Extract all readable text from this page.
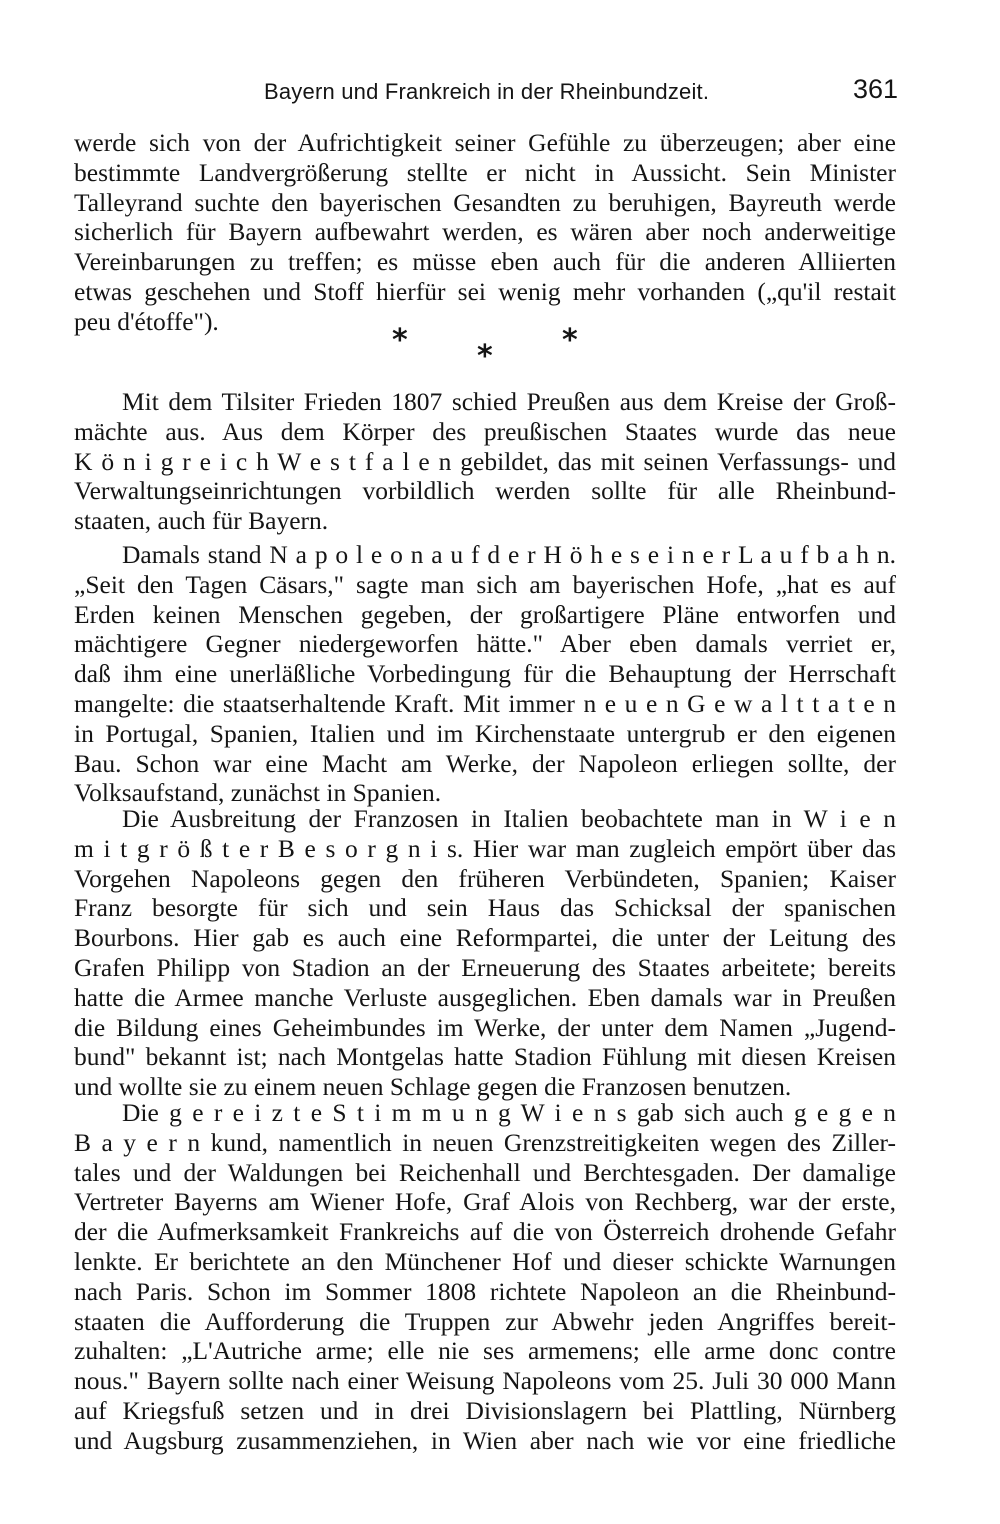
Bayern und Frankreich in der Rheinbundzeit.	361
werde sich von der Aufrichtigkeit seiner Gefühle zu überzeugen; aber eine
bestimmte Landvergrößerung stellte er nicht in Aussicht. Sein Minister
Talleyrand suchte den bayerischen Gesandten zu beruhigen, Bayreuth werde
sicherlich für Bayern aufbewahrt werden, es wären aber noch anderweitige
Vereinbarungen zu treffen; es müsse eben auch für die anderen Alliierten
etwas geschehen und Stoff hierfür sei wenig mehr vorhanden („qu'il restait
peu d'étoffe").
*	*
*
Mit dem Tilsiter Frieden 1807 schied Preußen aus dem Kreise der Groß-
mächte aus. Aus dem Körper des preußischen Staates wurde das neue
K ö n i g r e i c h W e s t f a l e n gebildet, das mit seinen Verfassungs- und
Verwaltungseinrichtungen vorbildlich werden sollte für alle Rheinbund-
staaten, auch für Bayern.
Damals stand N a p o l e o n a u f d e r H ö h e s e i n e r L a u f b a h n.
„Seit den Tagen Cäsars," sagte man sich am bayerischen Hofe, „hat es auf
Erden keinen Menschen gegeben, der großartigere Pläne entworfen und
mächtigere Gegner niedergeworfen hätte." Aber eben damals verriet er,
daß ihm eine unerläßliche Vorbedingung für die Behauptung der Herrschaft
mangelte: die staatserhaltende Kraft. Mit immer n e u e n G e w a l t t a t e n
in Portugal, Spanien, Italien und im Kirchenstaate untergrub er den eigenen
Bau. Schon war eine Macht am Werke, der Napoleon erliegen sollte, der
Volksaufstand, zunächst in Spanien.
Die Ausbreitung der Franzosen in Italien beobachtete man in W i e n
m i t g r ö ß t e r B e s o r g n i s. Hier war man zugleich empört über das
Vorgehen Napoleons gegen den früheren Verbündeten, Spanien; Kaiser
Franz besorgte für sich und sein Haus das Schicksal der spanischen
Bourbons. Hier gab es auch eine Reformpartei, die unter der Leitung des
Grafen Philipp von Stadion an der Erneuerung des Staates arbeitete; bereits
hatte die Armee manche Verluste ausgeglichen. Eben damals war in Preußen
die Bildung eines Geheimbundes im Werke, der unter dem Namen „Jugend-
bund" bekannt ist; nach Montgelas hatte Stadion Fühlung mit diesen Kreisen
und wollte sie zu einem neuen Schlage gegen die Franzosen benutzen.
Die g e r e i z t e S t i m m u n g W i e n s gab sich auch g e g e n
B a y e r n kund, namentlich in neuen Grenzstreitigkeiten wegen des Ziller-
tales und der Waldungen bei Reichenhall und Berchtesgaden. Der damalige
Vertreter Bayerns am Wiener Hofe, Graf Alois von Rechberg, war der erste,
der die Aufmerksamkeit Frankreichs auf die von Österreich drohende Gefahr
lenkte. Er berichtete an den Münchener Hof und dieser schickte Warnungen
nach Paris. Schon im Sommer 1808 richtete Napoleon an die Rheinbund-
staaten die Aufforderung die Truppen zur Abwehr jeden Angriffes bereit-
zuhalten: „L'Autriche arme; elle nie ses armemens; elle arme donc contre
nous." Bayern sollte nach einer Weisung Napoleons vom 25. Juli 30 000 Mann
auf Kriegsfuß setzen und in drei Divisionslagern bei Plattling, Nürnberg
und Augsburg zusammenziehen, in Wien aber nach wie vor eine friedliche
